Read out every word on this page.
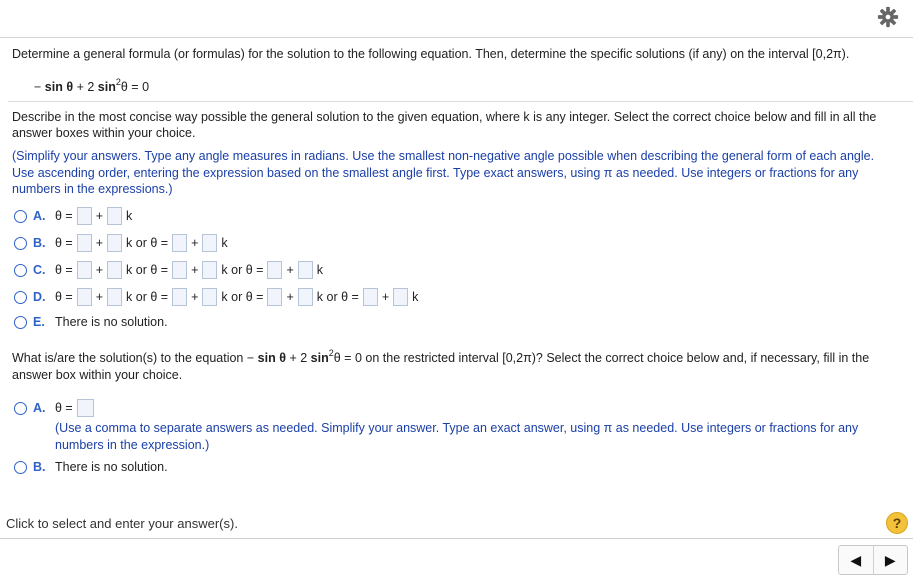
Determine a general formula (or formulas) for the solution to the following equation. Then, determine the specific solutions (if any) on the interval [0,2π).
− sin θ + 2 $\sin^2\theta = 0$
Describe in the most concise way possible the general solution to the given equation, where k is any integer. Select the correct choice below and fill in all the answer boxes within your choice.
(Simplify your answers. Type any angle measures in radians. Use the smallest non-negative angle possible when describing the general form of each angle. Use ascending order, entering the expression based on the smallest angle first. Type exact answers, using π as needed. Use integers or fractions for any numbers in the expressions.)
A. θ = + k
B. θ = + k or θ = + k
C. θ = + k or θ = + k or θ = + k
D. θ = + k or θ = + k or θ = + k or θ = + k
E. There is no solution.
What is/are the solution(s) to the equation − sin θ + 2 $\sin^2\theta = 0$ on the restricted interval [0,2π)? Select the correct choice below and, if necessary, fill in the answer box within your choice.
A. θ =
(Use a comma to separate answers as needed. Simplify your answer. Type an exact answer, using π as needed. Use integers or fractions for any numbers in the expression.)
B. There is no solution.
Click to select and enter your answer(s).	?
◀	▶
